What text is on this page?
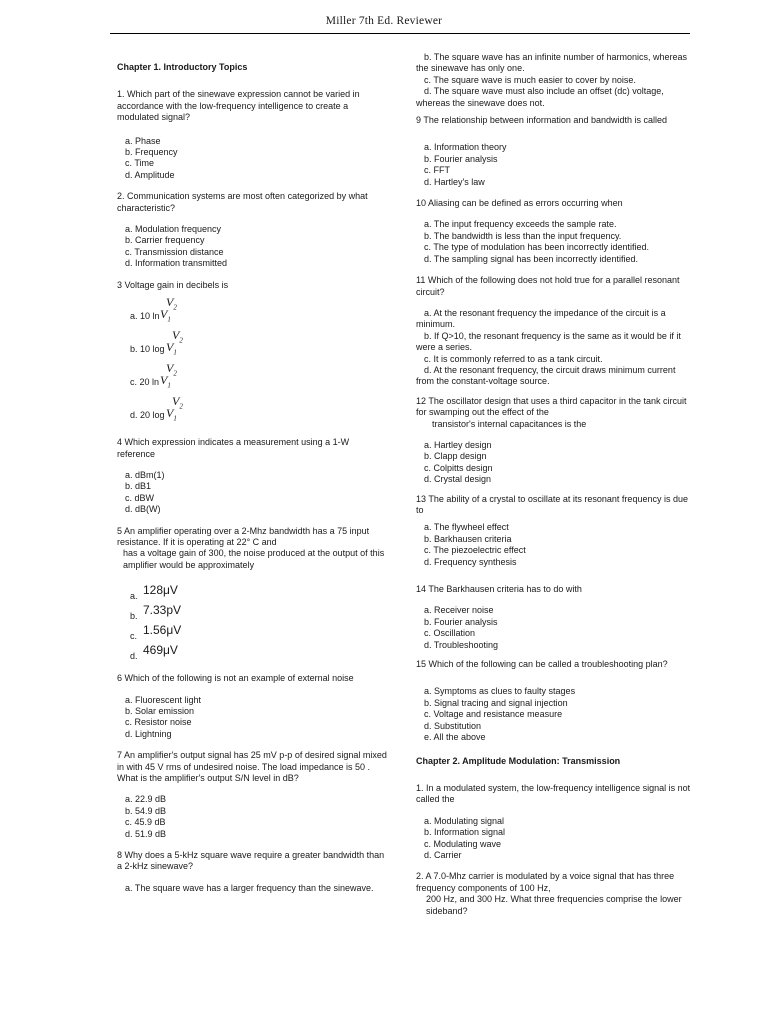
Miller 7th Ed. Reviewer

Chapter 1. Introductory Topics

1. Which part of the sinewave expression cannot be varied in accordance with the low-frequency intelligence to create a modulated signal?

a. Phase

b. Frequency

c. Time

d. Amplitude

2. Communication systems are most often categorized by what characteristic?

a. Modulation frequency

b. Carrier frequency

c. Transmission distance

d. Information transmitted

3 Voltage gain in decibels is

a. 10 ln
$V_2$
$V_1$
b. 10 log
$V_2$
$V_1$
c. 20 ln
$V_2$
$V_1$
d. 20 log
$V_2$
$V_1$

4 Which expression indicates a measurement using a 1-W reference

a. dBm(1)

b. dB1

c. dBW

d. dB(W)

5 An amplifier operating over a 2-Mhz bandwidth has a 75 input resistance. If it is operating at 22° C and

has a voltage gain of 300, the noise produced at the output of this amplifier would be approximately

a. 128μV
b. 7.33pV
c. 1.56μV
d. 469μV

6 Which of the following is not an example of external noise

a. Fluorescent light

b. Solar emission

c. Resistor noise

d. Lightning

7 An amplifier's output signal has 25 mV p-p of desired signal mixed in with 45 V rms of undesired noise. The load impedance is 50 . What is the amplifier's output S/N level in dB?

a. 22.9 dB

b. 54.9 dB

c. 45.9 dB

d. 51.9 dB

8 Why does a 5-kHz square wave require a greater bandwidth than a 2-kHz sinewave?

a. The square wave has a larger frequency than the sinewave.

b. The square wave has an infinite number of harmonics, whereas the sinewave has only one.

c. The square wave is much easier to cover by noise.

d. The square wave must also include an offset (dc) voltage, whereas the sinewave does not.

9 The relationship between information and bandwidth is called

a. Information theory

b. Fourier analysis

c. FFT

d. Hartley's law

10 Aliasing can be defined as errors occurring when

a. The input frequency exceeds the sample rate.

b. The bandwidth is less than the input frequency.

c. The type of modulation has been incorrectly identified.

d. The sampling signal has been incorrectly identified.

11 Which of the following does not hold true for a parallel resonant circuit?

a. At the resonant frequency the impedance of the circuit is a minimum.

b. If Q>10, the resonant frequency is the same as it would be if it were a series.

c. It is commonly referred to as a tank circuit.

d. At the resonant frequency, the circuit draws minimum current from the constant-voltage source.

12 The oscillator design that uses a third capacitor in the tank circuit for swamping out the effect of the

transistor's internal capacitances is the

a. Hartley design

b. Clapp design

c. Colpitts design

d. Crystal design

13 The ability of a crystal to oscillate at its resonant frequency is due to

a. The flywheel effect

b. Barkhausen criteria

c. The piezoelectric effect

d. Frequency synthesis

14 The Barkhausen criteria has to do with

a. Receiver noise

b. Fourier analysis

c. Oscillation

d. Troubleshooting

15 Which of the following can be called a troubleshooting plan?

a. Symptoms as clues to faulty stages

b. Signal tracing and signal injection

c. Voltage and resistance measure

d. Substitution

e. All the above

Chapter 2. Amplitude Modulation: Transmission

1. In a modulated system, the low-frequency intelligence signal is not called the

a. Modulating signal

b. Information signal

c. Modulating wave

d. Carrier

2. A 7.0-Mhz carrier is modulated by a voice signal that has three frequency components of 100 Hz,

200 Hz, and 300 Hz. What three frequencies comprise the lower sideband?
